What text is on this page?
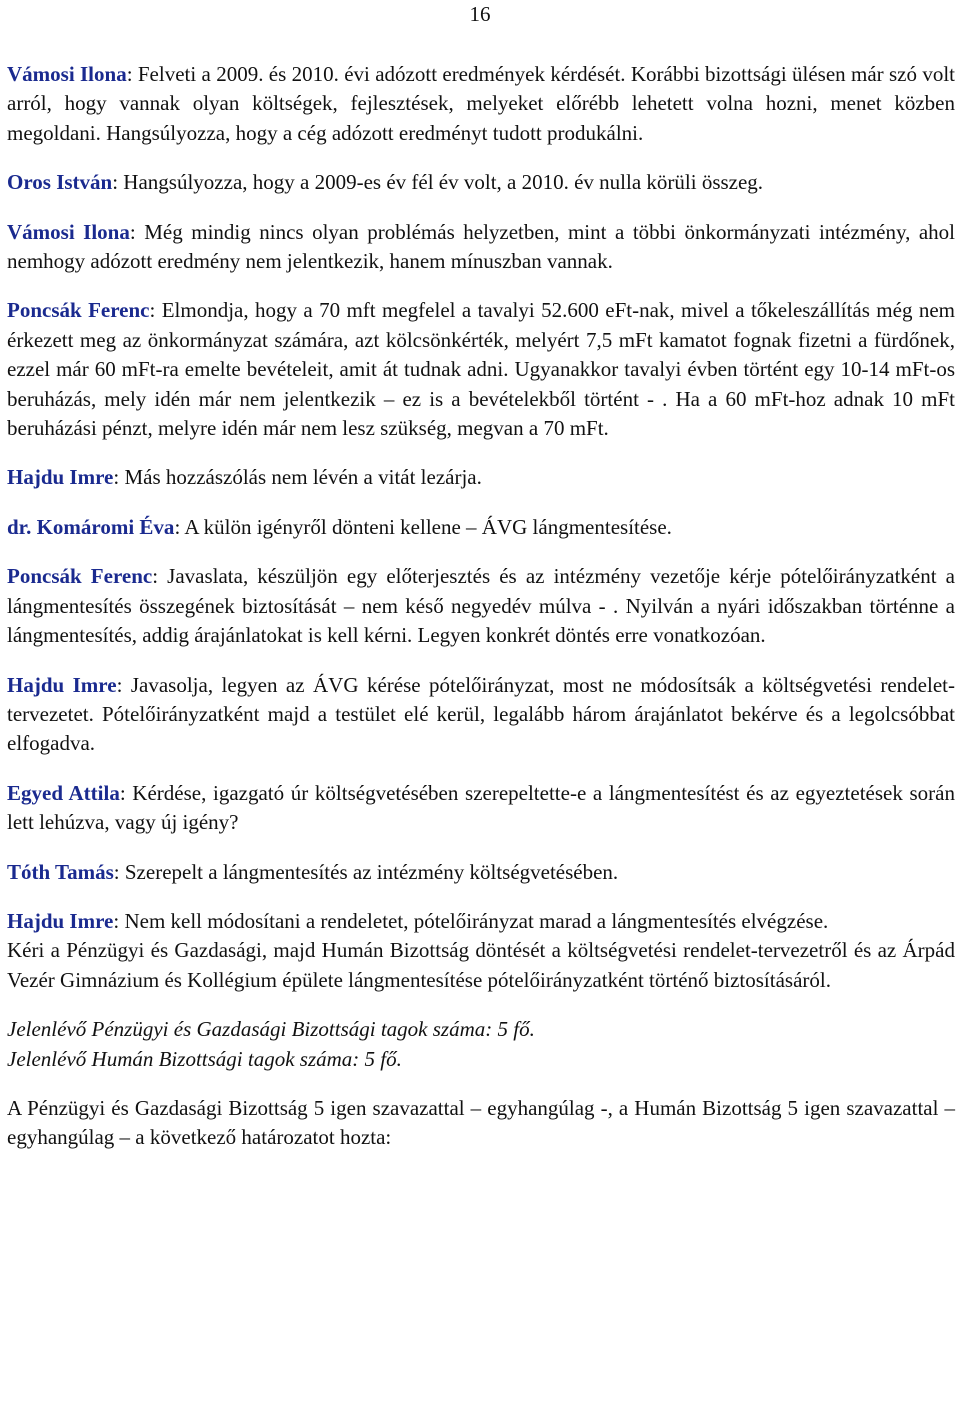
16

Vámosi Ilona: Felveti a 2009. és 2010. évi adózott eredmények kérdését. Korábbi bizottsági ülésen már szó volt arról, hogy vannak olyan költségek, fejlesztések, melyeket előrébb lehetett volna hozni, menet közben megoldani. Hangsúlyozza, hogy a cég adózott eredményt tudott produkálni.

Oros István: Hangsúlyozza, hogy a 2009-es év fél év volt, a 2010. év nulla körüli összeg.

Vámosi Ilona: Még mindig nincs olyan problémás helyzetben, mint a többi önkormányzati intézmény, ahol nemhogy adózott eredmény nem jelentkezik, hanem mínuszban vannak.

Poncsák Ferenc: Elmondja, hogy a 70 mft megfelel a tavalyi 52.600 eFt-nak, mivel a tőkeleszállítás még nem érkezett meg az önkormányzat számára, azt kölcsönkérték, melyért 7,5 mFt kamatot fognak fizetni a fürdőnek, ezzel már 60 mFt-ra emelte bevételeit, amit át tudnak adni. Ugyanakkor tavalyi évben történt egy 10-14 mFt-os beruházás, mely idén már nem jelentkezik – ez is a bevételekből történt - . Ha a 60 mFt-hoz adnak 10 mFt beruházási pénzt, melyre idén már nem lesz szükség, megvan a 70 mFt.

Hajdu Imre: Más hozzászólás nem lévén a vitát lezárja.

dr. Komáromi Éva: A külön igényről dönteni kellene – ÁVG lángmentesítése.

Poncsák Ferenc: Javaslata, készüljön egy előterjesztés és az intézmény vezetője kérje pótelőirányzatként a lángmentesítés összegének biztosítását – nem késő negyedév múlva - . Nyilván a nyári időszakban történne a lángmentesítés, addig árajánlatokat is kell kérni. Legyen konkrét döntés erre vonatkozóan.

Hajdu Imre: Javasolja, legyen az ÁVG kérése pótelőirányzat, most ne módosítsák a költségvetési rendelet-tervezetet. Pótelőirányzatként majd a testület elé kerül, legalább három árajánlatot bekérve és a legolcsóbbat elfogadva.

Egyed Attila: Kérdése, igazgató úr költségvetésében szerepeltette-e a lángmentesítést és az egyeztetések során lett lehúzva, vagy új igény?

Tóth Tamás: Szerepelt a lángmentesítés az intézmény költségvetésében.

Hajdu Imre: Nem kell módosítani a rendeletet, pótelőirányzat marad a lángmentesítés elvégzése.

Kéri a Pénzügyi és Gazdasági, majd Humán Bizottság döntését a költségvetési rendelet-tervezetről és az Árpád Vezér Gimnázium és Kollégium épülete lángmentesítése pótelőirányzatként történő biztosításáról.

Jelenlévő Pénzügyi és Gazdasági Bizottsági tagok száma: 5 fő.

Jelenlévő Humán Bizottsági tagok száma: 5 fő.

A Pénzügyi és Gazdasági Bizottság 5 igen szavazattal – egyhangúlag -, a Humán Bizottság 5 igen szavazattal – egyhangúlag – a következő határozatot hozta:
